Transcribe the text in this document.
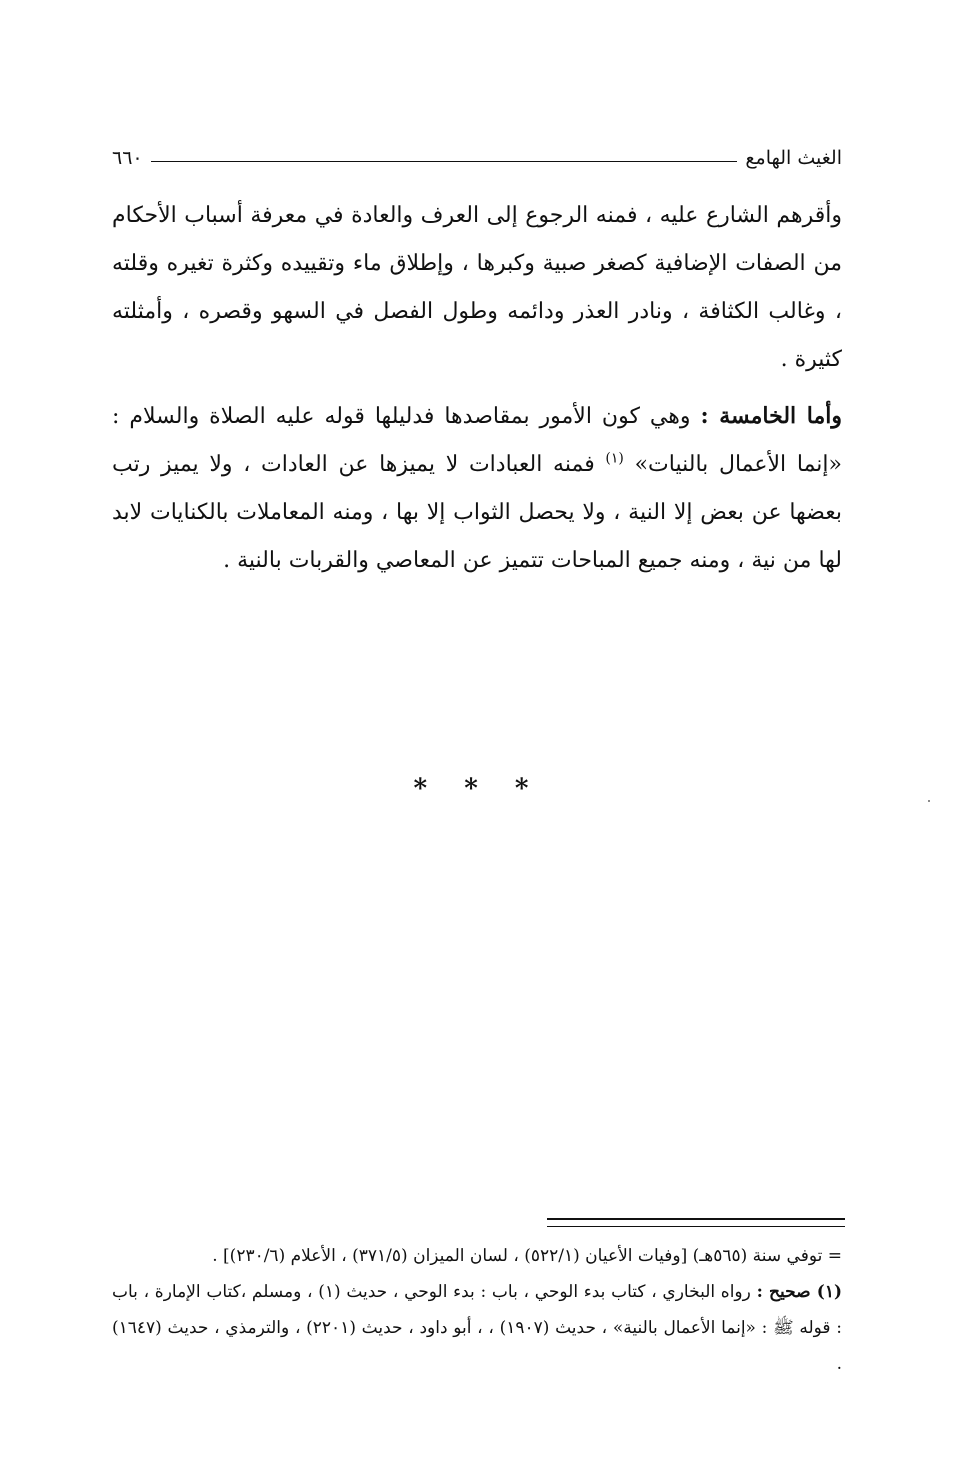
الغيث الهامع
٦٦٠

وأقرهم الشارع عليه ، فمنه الرجوع إلى العرف والعادة في معرفة أسباب الأحكام من الصفات الإضافية كصغر صبية وكبرها ، وإطلاق ماء وتقييده وكثرة تغيره وقلته ، وغالب الكثافة ، ونادر العذر ودائمه وطول الفصل في السهو وقصره ، وأمثلته كثيرة .

وأما الخامسة : وهي كون الأمور بمقاصدها فدليلها قوله عليه الصلاة والسلام : «إنما الأعمال بالنيات» $^{(١)}$ فمنه العبادات لا يميزها عن العادات ، ولا يميز رتب بعضها عن بعض إلا النية ، ولا يحصل الثواب إلا بها ، ومنه المعاملات بالكنايات لابد لها من نية ، ومنه جميع المباحات تتميز عن المعاصي والقربات بالنية .

* * *

= توفي سنة (٥٦٥هـ) [وفيات الأعيان (٥٢٢/١) ، لسان الميزان (٣٧١/٥) ، الأعلام (٢٣٠/٦)] .

(١) صحيح : رواه البخاري ، كتاب بدء الوحي ، باب : بدء الوحي ، حديث (١) ، ومسلم ،كتاب الإمارة ، باب : قوله ﷺ : «إنما الأعمال بالنية» ، حديث (١٩٠٧) ، ، أبو داود ، حديث (٢٢٠١) ، والترمذي ، حديث (١٦٤٧) .
